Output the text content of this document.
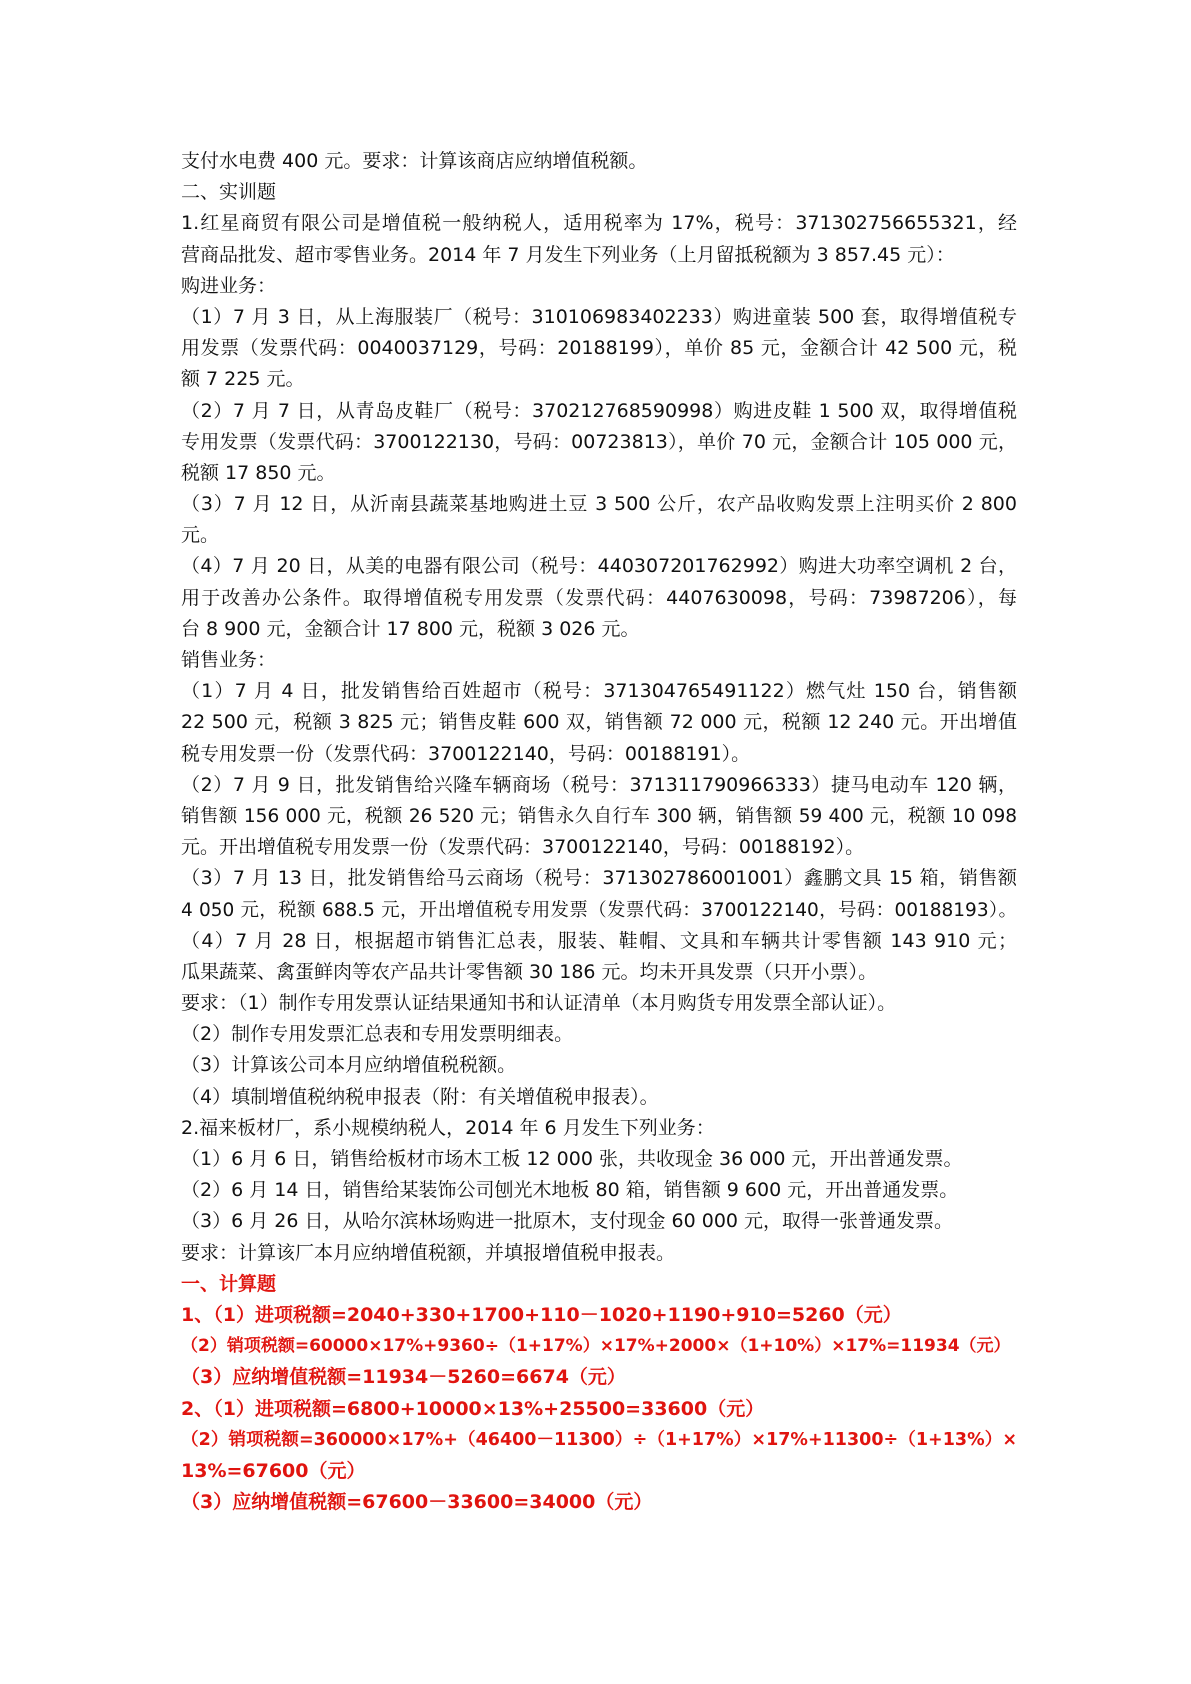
支付水电费 400 元。要求：计算该商店应纳增值税额。
二、实训题
1.红星商贸有限公司是增值税一般纳税人，适用税率为 17%，税号：371302756655321，经
营商品批发、超市零售业务。2014 年 7 月发生下列业务（上月留抵税额为 3 857.45 元）：
购进业务：
（1）7 月 3 日，从上海服装厂（税号：310106983402233）购进童装 500 套，取得增值税专
用发票（发票代码：0040037129，号码：20188199），单价 85 元，金额合计 42 500 元，税
额 7 225 元。
（2）7 月 7 日，从青岛皮鞋厂（税号：370212768590998）购进皮鞋 1 500 双，取得增值税
专用发票（发票代码：3700122130，号码：00723813），单价 70 元，金额合计 105 000 元，
税额 17 850 元。
（3）7 月 12 日，从沂南县蔬菜基地购进土豆 3 500 公斤，农产品收购发票上注明买价 2 800
元。
（4）7 月 20 日，从美的电器有限公司（税号：440307201762992）购进大功率空调机 2 台，
用于改善办公条件。取得增值税专用发票（发票代码：4407630098，号码：73987206），每
台 8 900 元，金额合计 17 800 元，税额 3 026 元。
销售业务：
（1）7 月 4 日，批发销售给百姓超市（税号：371304765491122）燃气灶 150 台，销售额
22 500 元，税额 3 825 元；销售皮鞋 600 双，销售额 72 000 元，税额 12 240 元。开出增值
税专用发票一份（发票代码：3700122140，号码：00188191）。
（2）7 月 9 日，批发销售给兴隆车辆商场（税号：371311790966333）捷马电动车 120 辆，
销售额 156 000 元，税额 26 520 元；销售永久自行车 300 辆，销售额 59 400 元，税额 10 098
元。开出增值税专用发票一份（发票代码：3700122140，号码：00188192）。
（3）7 月 13 日，批发销售给马云商场（税号：371302786001001）鑫鹏文具 15 箱，销售额
4 050 元，税额 688.5 元，开出增值税专用发票（发票代码：3700122140，号码：00188193）。
（4）7 月 28 日，根据超市销售汇总表，服装、鞋帽、文具和车辆共计零售额 143 910 元；
瓜果蔬菜、禽蛋鲜肉等农产品共计零售额 30 186 元。均未开具发票（只开小票）。
要求：（1）制作专用发票认证结果通知书和认证清单（本月购货专用发票全部认证）。
（2）制作专用发票汇总表和专用发票明细表。
（3）计算该公司本月应纳增值税税额。
（4）填制增值税纳税申报表（附：有关增值税申报表）。
2.福来板材厂，系小规模纳税人，2014 年 6 月发生下列业务：
（1）6 月 6 日，销售给板材市场木工板 12 000 张，共收现金 36 000 元，开出普通发票。
（2）6 月 14 日，销售给某装饰公司刨光木地板 80 箱，销售额 9 600 元，开出普通发票。
（3）6 月 26 日，从哈尔滨林场购进一批原木，支付现金 60 000 元，取得一张普通发票。
要求：计算该厂本月应纳增值税额，并填报增值税申报表。
一、计算题
1、（1）进项税额=2040+330+1700+110－1020+1190+910=5260（元）
（2）销项税额=60000×17%+9360÷（1+17%）×17%+2000×（1+10%）×17%=11934（元）
（3）应纳增值税额=11934－5260=6674（元）
2、（1）进项税额=6800+10000×13%+25500=33600（元）
（2）销项税额=360000×17%+（46400－11300）÷（1+17%）×17%+11300÷（1+13%）×
13%=67600（元）
（3）应纳增值税额=67600－33600=34000（元）
